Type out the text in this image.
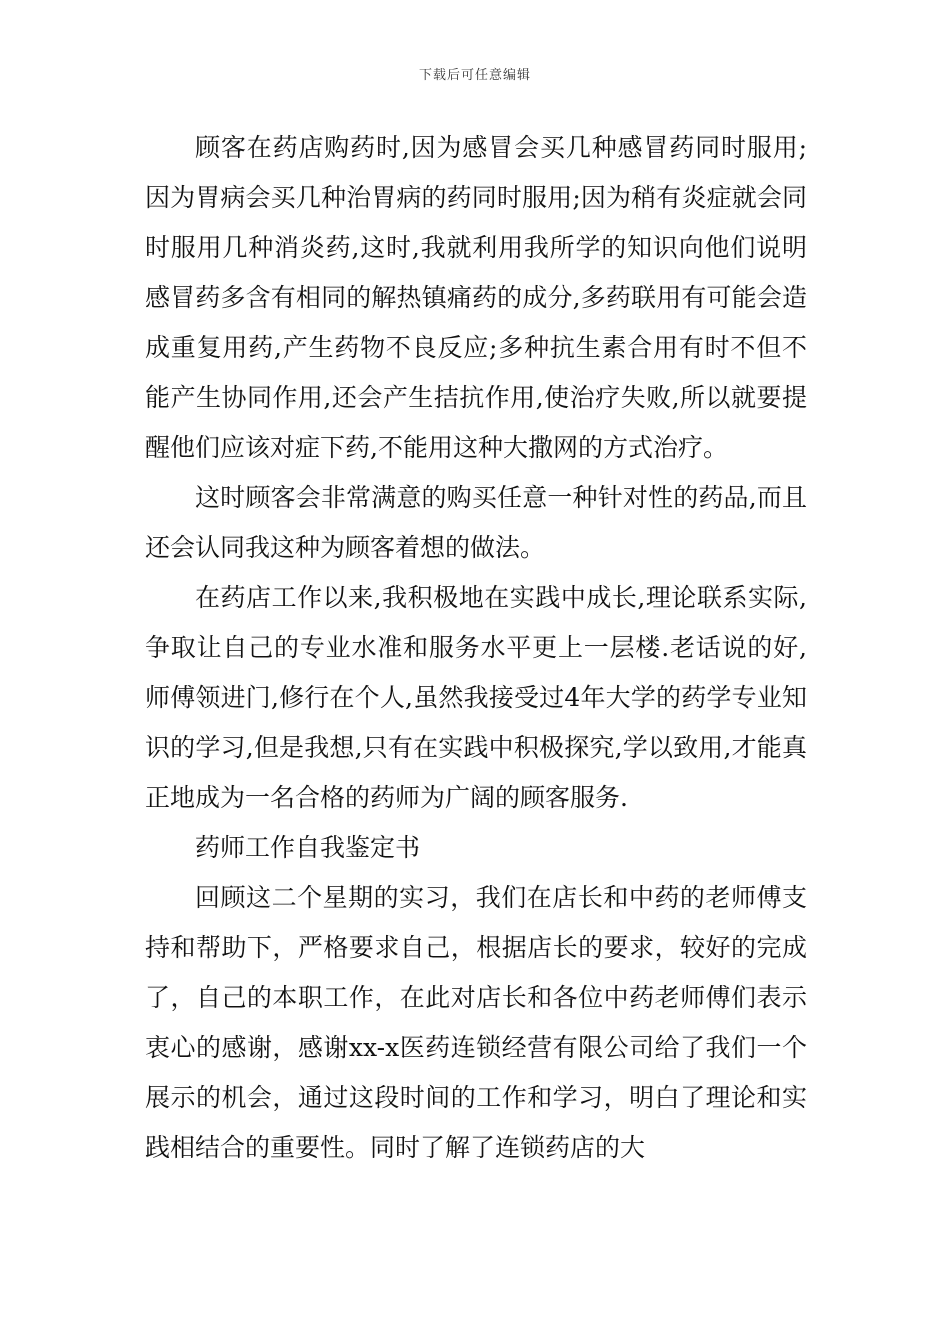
下载后可任意编辑

顾客在药店购药时,因为感冒会买几种感冒药同时服用;因为胃病会买几种治胃病的药同时服用;因为稍有炎症就会同时服用几种消炎药,这时,我就利用我所学的知识向他们说明感冒药多含有相同的解热镇痛药的成分,多药联用有可能会造成重复用药,产生药物不良反应;多种抗生素合用有时不但不能产生协同作用,还会产生拮抗作用,使治疗失败,所以就要提醒他们应该对症下药,不能用这种大撒网的方式治疗。

这时顾客会非常满意的购买任意一种针对性的药品,而且还会认同我这种为顾客着想的做法。

在药店工作以来,我积极地在实践中成长,理论联系实际,争取让自己的专业水准和服务水平更上一层楼.老话说的好,师傅领进门,修行在个人,虽然我接受过4年大学的药学专业知识的学习,但是我想,只有在实践中积极探究,学以致用,才能真正地成为一名合格的药师为广阔的顾客服务.

药师工作自我鉴定书

回顾这二个星期的实习，我们在店长和中药的老师傅支持和帮助下，严格要求自己，根据店长的要求，较好的完成了，自己的本职工作，在此对店长和各位中药老师傅们表示衷心的感谢，感谢xx-x医药连锁经营有限公司给了我们一个展示的机会，通过这段时间的工作和学习，明白了理论和实践相结合的重要性。同时了解了连锁药店的大
